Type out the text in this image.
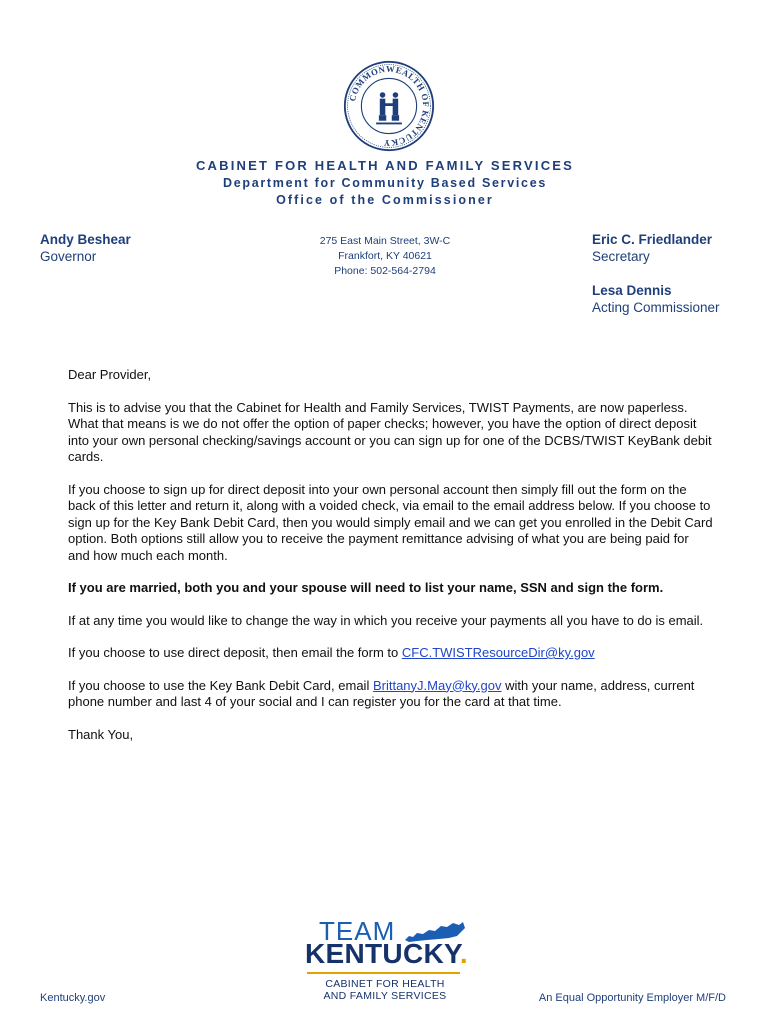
COMMONWEALTH OF KENTUCKY
CABINET FOR HEALTH AND FAMILY SERVICES
Department for Community Based Services
Office of the Commissioner
Andy Beshear
Governor
275 East Main Street, 3W-C
Frankfort, KY 40621
Phone: 502-564-2794
Eric C. Friedlander
Secretary
Lesa Dennis
Acting Commissioner

Dear Provider,

This is to advise you that the Cabinet for Health and Family Services, TWIST Payments, are now paperless. What that means is we do not offer the option of paper checks; however, you have the option of direct deposit into your own personal checking/savings account or you can sign up for one of the DCBS/TWIST KeyBank debit cards.

If you choose to sign up for direct deposit into your own personal account then simply fill out the form on the back of this letter and return it, along with a voided check, via email to the email address below. If you choose to sign up for the Key Bank Debit Card, then you would simply email and we can get you enrolled in the Debit Card option. Both options still allow you to receive the payment remittance advising of what you are being paid for and how much each month.

If you are married, both you and your spouse will need to list your name, SSN and sign the form.

If at any time you would like to change the way in which you receive your payments all you have to do is email.

If you choose to use direct deposit, then email the form to CFC.TWISTResourceDir@ky.gov

If you choose to use the Key Bank Debit Card, email BrittanyJ.May@ky.gov with your name, address, current phone number and last 4 of your social and I can register you for the card at that time.

Thank You,

TEAM
KENTUCKY.
CABINET FOR HEALTH
AND FAMILY SERVICES
Kentucky.gov	An Equal Opportunity Employer M/F/D
